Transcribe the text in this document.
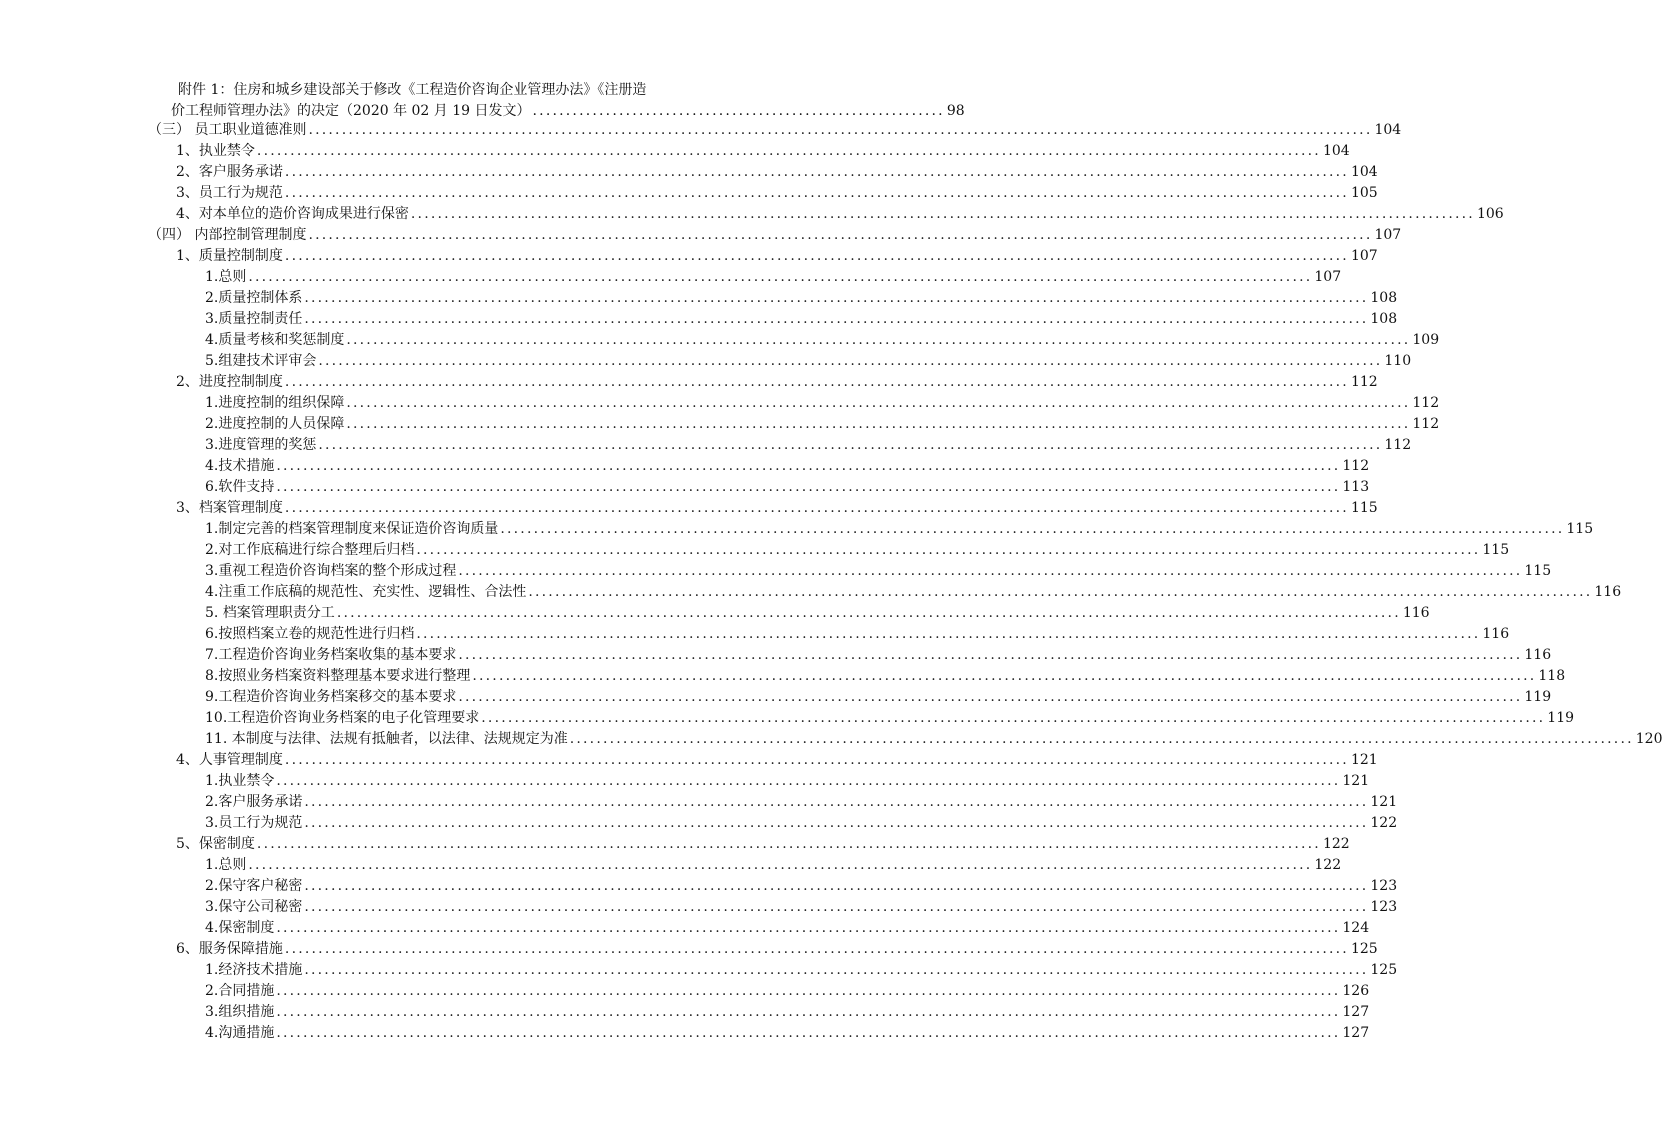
附件 1：住房和城乡建设部关于修改《工程造价咨询企业管理办法》《注册造
价工程师管理办法》的决定（2020 年 02 月 19 日发文） .............................................................. 98
（三） 员工职业道德准则 ................................................................................................................................................................ 104
1、执业禁令 ................................................................................................................................................................ 104
2、客户服务承诺 ................................................................................................................................................................ 104
3、员工行为规范 ................................................................................................................................................................ 105
4、对本单位的造价咨询成果进行保密 ................................................................................................................................................................ 106
（四） 内部控制管理制度 ................................................................................................................................................................ 107
1、质量控制制度 ................................................................................................................................................................ 107
1.总则 ................................................................................................................................................................ 107
2.质量控制体系 ................................................................................................................................................................ 108
3.质量控制责任 ................................................................................................................................................................ 108
4.质量考核和奖惩制度 ................................................................................................................................................................ 109
5.组建技术评审会 ................................................................................................................................................................ 110
2、进度控制制度 ................................................................................................................................................................ 112
1.进度控制的组织保障 ................................................................................................................................................................ 112
2.进度控制的人员保障 ................................................................................................................................................................ 112
3.进度管理的奖惩 ................................................................................................................................................................ 112
4.技术措施 ................................................................................................................................................................ 112
6.软件支持 ................................................................................................................................................................ 113
3、档案管理制度 ................................................................................................................................................................ 115
1.制定完善的档案管理制度来保证造价咨询质量 ................................................................................................................................................................ 115
2.对工作底稿进行综合整理后归档 ................................................................................................................................................................ 115
3.重视工程造价咨询档案的整个形成过程 ................................................................................................................................................................ 115
4.注重工作底稿的规范性、充实性、逻辑性、合法性 ................................................................................................................................................................ 116
5. 档案管理职责分工 ................................................................................................................................................................ 116
6.按照档案立卷的规范性进行归档 ................................................................................................................................................................ 116
7.工程造价咨询业务档案收集的基本要求 ................................................................................................................................................................ 116
8.按照业务档案资料整理基本要求进行整理 ................................................................................................................................................................ 118
9.工程造价咨询业务档案移交的基本要求 ................................................................................................................................................................ 119
10.工程造价咨询业务档案的电子化管理要求 ................................................................................................................................................................ 119
11. 本制度与法律、法规有抵触者，以法律、法规规定为准 ................................................................................................................................................................ 120
4、人事管理制度 ................................................................................................................................................................ 121
1.执业禁令 ................................................................................................................................................................ 121
2.客户服务承诺 ................................................................................................................................................................ 121
3.员工行为规范 ................................................................................................................................................................ 122
5、保密制度 ................................................................................................................................................................ 122
1.总则 ................................................................................................................................................................ 122
2.保守客户秘密 ................................................................................................................................................................ 123
3.保守公司秘密 ................................................................................................................................................................ 123
4.保密制度 ................................................................................................................................................................ 124
6、服务保障措施 ................................................................................................................................................................ 125
1.经济技术措施 ................................................................................................................................................................ 125
2.合同措施 ................................................................................................................................................................ 126
3.组织措施 ................................................................................................................................................................ 127
4.沟通措施 ................................................................................................................................................................ 127
